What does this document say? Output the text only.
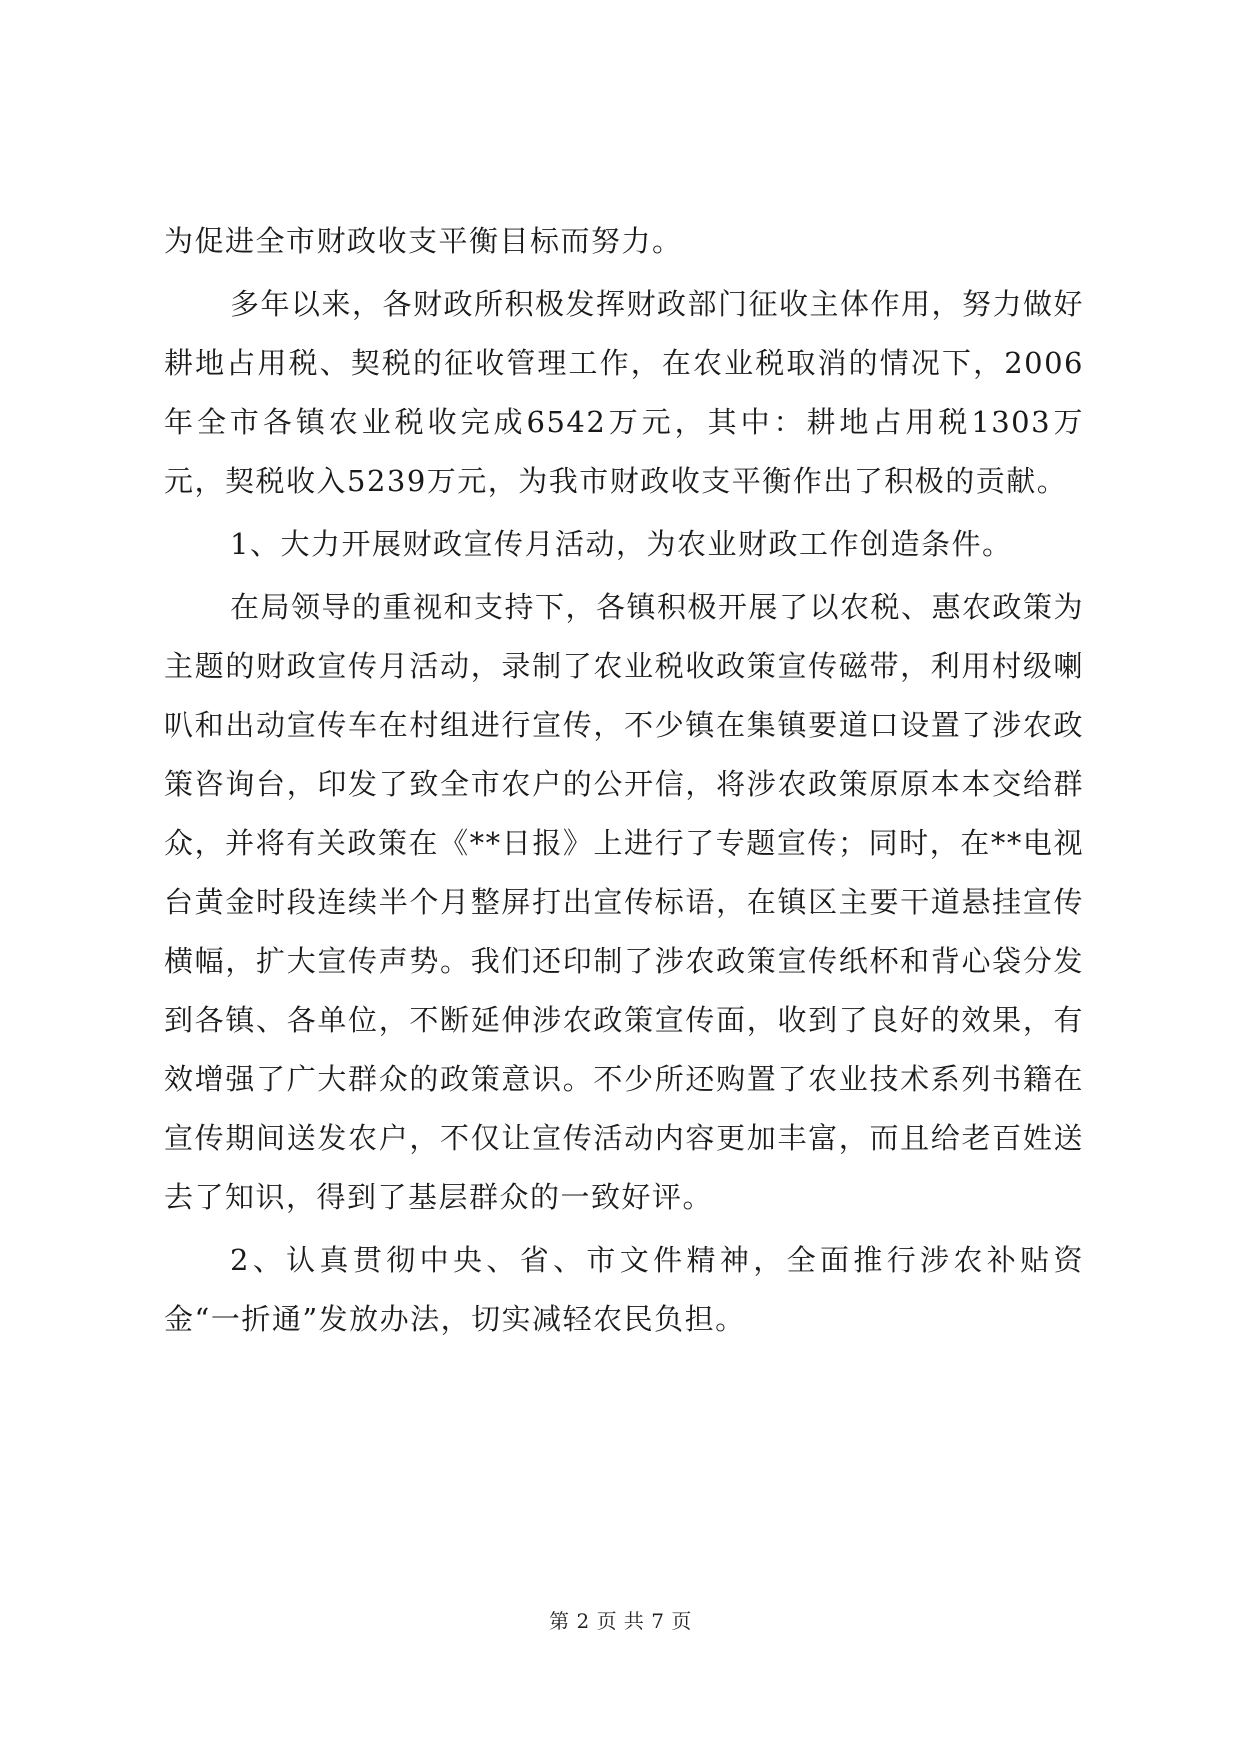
为促进全市财政收支平衡目标而努力。

多年以来，各财政所积极发挥财政部门征收主体作用，努力做好耕地占用税、契税的征收管理工作，在农业税取消的情况下，2006年全市各镇农业税收完成6542万元，其中：耕地占用税1303万元，契税收入5239万元，为我市财政收支平衡作出了积极的贡献。

1、大力开展财政宣传月活动，为农业财政工作创造条件。

在局领导的重视和支持下，各镇积极开展了以农税、惠农政策为主题的财政宣传月活动，录制了农业税收政策宣传磁带，利用村级喇叭和出动宣传车在村组进行宣传，不少镇在集镇要道口设置了涉农政策咨询台，印发了致全市农户的公开信，将涉农政策原原本本交给群众，并将有关政策在《**日报》上进行了专题宣传；同时，在**电视台黄金时段连续半个月整屏打出宣传标语，在镇区主要干道悬挂宣传横幅，扩大宣传声势。我们还印制了涉农政策宣传纸杯和背心袋分发到各镇、各单位，不断延伸涉农政策宣传面，收到了良好的效果，有效增强了广大群众的政策意识。不少所还购置了农业技术系列书籍在宣传期间送发农户，不仅让宣传活动内容更加丰富，而且给老百姓送去了知识，得到了基层群众的一致好评。

2、认真贯彻中央、省、市文件精神，全面推行涉农补贴资金“一折通”发放办法，切实减轻农民负担。

第 2 页 共 7 页
